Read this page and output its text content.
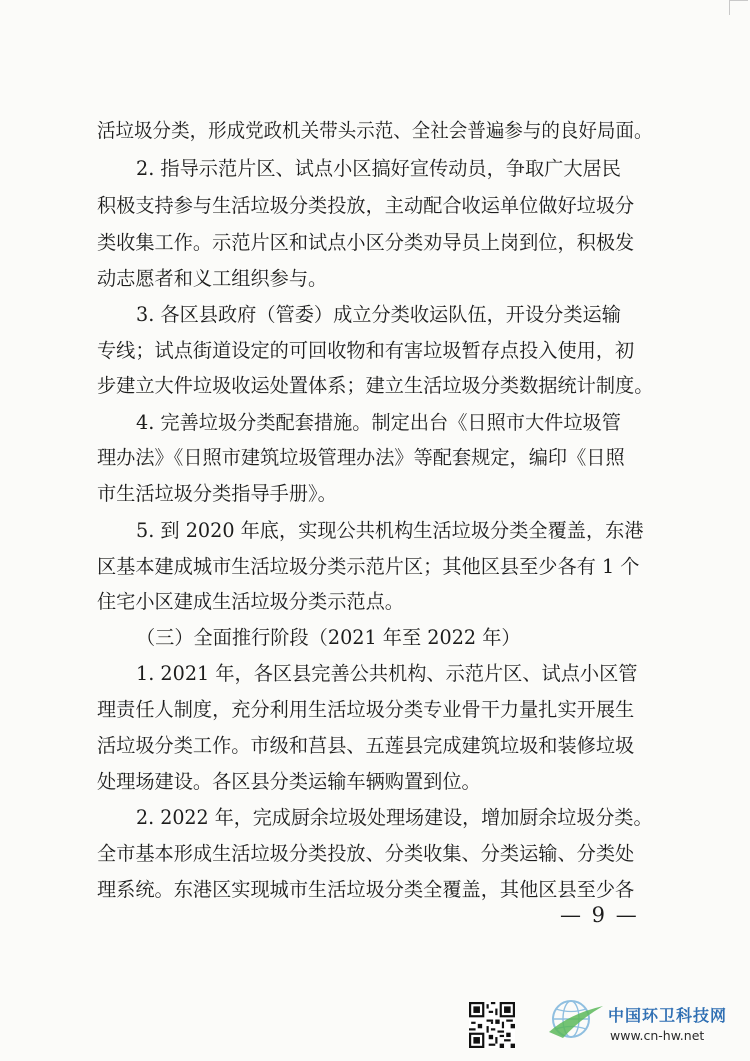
活垃圾分类，形成党政机关带头示范、全社会普遍参与的良好局面。
2. 指导示范片区、试点小区搞好宣传动员，争取广大居民
积极支持参与生活垃圾分类投放，主动配合收运单位做好垃圾分
类收集工作。示范片区和试点小区分类劝导员上岗到位，积极发
动志愿者和义工组织参与。
3. 各区县政府（管委）成立分类收运队伍，开设分类运输
专线；试点街道设定的可回收物和有害垃圾暂存点投入使用，初
步建立大件垃圾收运处置体系；建立生活垃圾分类数据统计制度。
4. 完善垃圾分类配套措施。制定出台《日照市大件垃圾管
理办法》《日照市建筑垃圾管理办法》等配套规定，编印《日照
市生活垃圾分类指导手册》。
5. 到 2020 年底，实现公共机构生活垃圾分类全覆盖，东港
区基本建成城市生活垃圾分类示范片区；其他区县至少各有 1 个
住宅小区建成生活垃圾分类示范点。
（三）全面推行阶段（2021 年至 2022 年）
1. 2021 年，各区县完善公共机构、示范片区、试点小区管
理责任人制度，充分利用生活垃圾分类专业骨干力量扎实开展生
活垃圾分类工作。市级和莒县、五莲县完成建筑垃圾和装修垃圾
处理场建设。各区县分类运输车辆购置到位。
2. 2022 年，完成厨余垃圾处理场建设，增加厨余垃圾分类。
全市基本形成生活垃圾分类投放、分类收集、分类运输、分类处
理系统。东港区实现城市生活垃圾分类全覆盖，其他区县至少各
— 9 —
中国环卫科技网
www.cn-hw.net
